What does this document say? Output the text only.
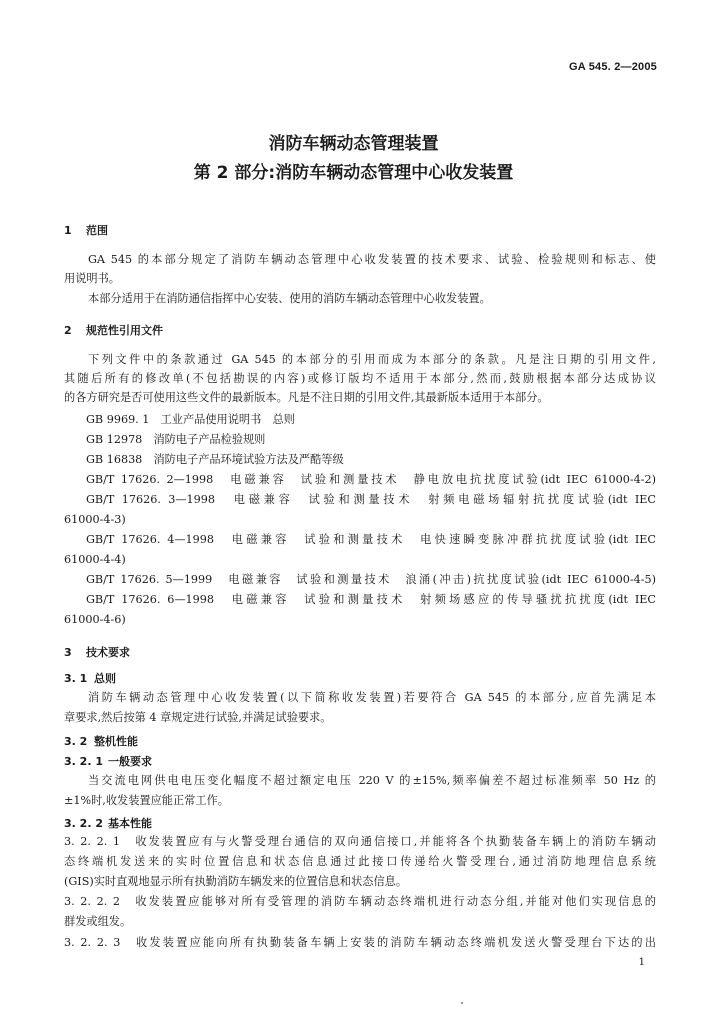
GA 545. 2—2005
消防车辆动态管理装置
第 2 部分:消防车辆动态管理中心收发装置
1 范围
GA 545 的本部分规定了消防车辆动态管理中心收发装置的技术要求、试验、检验规则和标志、使
用说明书。
本部分适用于在消防通信指挥中心安装、使用的消防车辆动态管理中心收发装置。
2 规范性引用文件
下列文件中的条款通过 GA 545 的本部分的引用而成为本部分的条款。凡是注日期的引用文件,
其随后所有的修改单(不包括勘误的内容)或修订版均不适用于本部分,然而,鼓励根据本部分达成协议
的各方研究是否可使用这些文件的最新版本。凡是不注日期的引用文件,其最新版本适用于本部分。
GB 9969. 1　工业产品使用说明书　总则
GB 12978　消防电子产品检验规则
GB 16838　消防电子产品环境试验方法及严酷等级
GB/T 17626. 2—1998　电磁兼容　试验和测量技术　静电放电抗扰度试验(idt IEC 61000-4-2)
GB/T 17626. 3—1998　电磁兼容　试验和测量技术　射频电磁场辐射抗扰度试验(idt IEC
61000-4-3)
GB/T 17626. 4—1998　电磁兼容　试验和测量技术　电快速瞬变脉冲群抗扰度试验(idt IEC
61000-4-4)
GB/T 17626. 5—1999　电磁兼容　试验和测量技术　浪涌(冲击)抗扰度试验(idt IEC 61000-4-5)
GB/T 17626. 6—1998　电磁兼容　试验和测量技术　射频场感应的传导骚扰抗扰度(idt IEC
61000-4-6)
3 技术要求
3. 1 总则
消防车辆动态管理中心收发装置(以下简称收发装置)若要符合 GA 545 的本部分,应首先满足本
章要求,然后按第 4 章规定进行试验,并满足试验要求。
3. 2 整机性能
3. 2. 1 一般要求
当交流电网供电电压变化幅度不超过额定电压 220 V 的±15%,频率偏差不超过标准频率 50 Hz 的
±1%时,收发装置应能正常工作。
3. 2. 2 基本性能
3. 2. 2. 1　收发装置应有与火警受理台通信的双向通信接口,并能将各个执勤装备车辆上的消防车辆动
态终端机发送来的实时位置信息和状态信息通过此接口传递给火警受理台,通过消防地理信息系统
(GIS)实时直观地显示所有执勤消防车辆发来的位置信息和状态信息。
3. 2. 2. 2　收发装置应能够对所有受管理的消防车辆动态终端机进行动态分组,并能对他们实现信息的
群发或组发。
3. 2. 2. 3　收发装置应能向所有执勤装备车辆上安装的消防车辆动态终端机发送火警受理台下达的出
1
